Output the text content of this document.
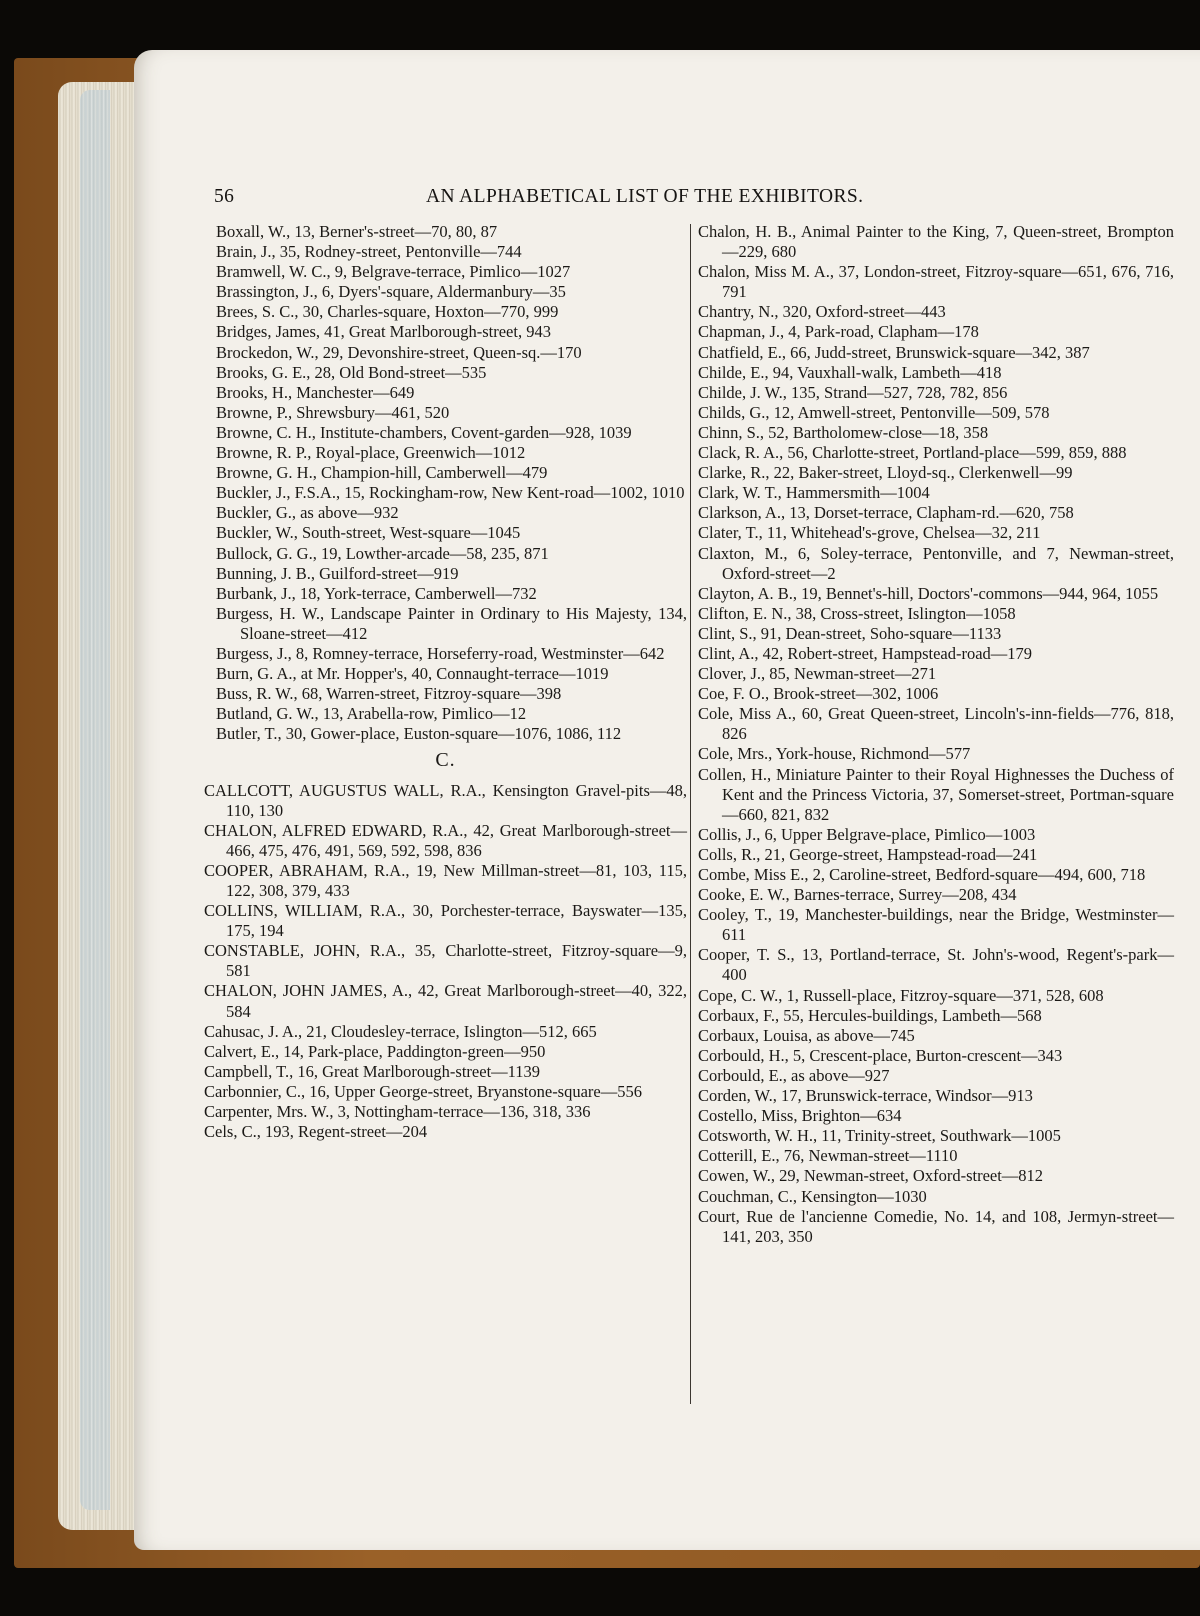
56	AN ALPHABETICAL LIST OF THE EXHIBITORS.
Boxall, W., 13, Berner's-street—70, 80, 87
Brain, J., 35, Rodney-street, Pentonville—744
Bramwell, W. C., 9, Belgrave-terrace, Pimlico—1027
Brassington, J., 6, Dyers'-square, Aldermanbury—35
Brees, S. C., 30, Charles-square, Hoxton—770, 999
Bridges, James, 41, Great Marlborough-street, 943
Brockedon, W., 29, Devonshire-street, Queen-sq.—170
Brooks, G. E., 28, Old Bond-street—535
Brooks, H., Manchester—649
Browne, P., Shrewsbury—461, 520
Browne, C. H., Institute-chambers, Covent-garden—928, 1039
Browne, R. P., Royal-place, Greenwich—1012
Browne, G. H., Champion-hill, Camberwell—479
Buckler, J., F.S.A., 15, Rockingham-row, New Kent-road—1002, 1010
Buckler, G., as above—932
Buckler, W., South-street, West-square—1045
Bullock, G. G., 19, Lowther-arcade—58, 235, 871
Bunning, J. B., Guilford-street—919
Burbank, J., 18, York-terrace, Camberwell—732
Burgess, H. W., Landscape Painter in Ordinary to His Majesty, 134, Sloane-street—412
Burgess, J., 8, Romney-terrace, Horseferry-road, Westminster—642
Burn, G. A., at Mr. Hopper's, 40, Connaught-terrace—1019
Buss, R. W., 68, Warren-street, Fitzroy-square—398
Butland, G. W., 13, Arabella-row, Pimlico—12
Butler, T., 30, Gower-place, Euston-square—1076, 1086, 112
C.
CALLCOTT, AUGUSTUS WALL, R.A., Kensington Gravel-pits—48, 110, 130
CHALON, ALFRED EDWARD, R.A., 42, Great Marlborough-street—466, 475, 476, 491, 569, 592, 598, 836
COOPER, ABRAHAM, R.A., 19, New Millman-street—81, 103, 115, 122, 308, 379, 433
COLLINS, WILLIAM, R.A., 30, Porchester-terrace, Bayswater—135, 175, 194
CONSTABLE, JOHN, R.A., 35, Charlotte-street, Fitzroy-square—9, 581
CHALON, JOHN JAMES, A., 42, Great Marlborough-street—40, 322, 584
Cahusac, J. A., 21, Cloudesley-terrace, Islington—512, 665
Calvert, E., 14, Park-place, Paddington-green—950
Campbell, T., 16, Great Marlborough-street—1139
Carbonnier, C., 16, Upper George-street, Bryanstone-square—556
Carpenter, Mrs. W., 3, Nottingham-terrace—136, 318, 336
Cels, C., 193, Regent-street—204
Chalon, H. B., Animal Painter to the King, 7, Queen-street, Brompton—229, 680
Chalon, Miss M. A., 37, London-street, Fitzroy-square—651, 676, 716, 791
Chantry, N., 320, Oxford-street—443
Chapman, J., 4, Park-road, Clapham—178
Chatfield, E., 66, Judd-street, Brunswick-square—342, 387
Childe, E., 94, Vauxhall-walk, Lambeth—418
Childe, J. W., 135, Strand—527, 728, 782, 856
Childs, G., 12, Amwell-street, Pentonville—509, 578
Chinn, S., 52, Bartholomew-close—18, 358
Clack, R. A., 56, Charlotte-street, Portland-place—599, 859, 888
Clarke, R., 22, Baker-street, Lloyd-sq., Clerkenwell—99
Clark, W. T., Hammersmith—1004
Clarkson, A., 13, Dorset-terrace, Clapham-rd.—620, 758
Clater, T., 11, Whitehead's-grove, Chelsea—32, 211
Claxton, M., 6, Soley-terrace, Pentonville, and 7, Newman-street, Oxford-street—2
Clayton, A. B., 19, Bennet's-hill, Doctors'-commons—944, 964, 1055
Clifton, E. N., 38, Cross-street, Islington—1058
Clint, S., 91, Dean-street, Soho-square—1133
Clint, A., 42, Robert-street, Hampstead-road—179
Clover, J., 85, Newman-street—271
Coe, F. O., Brook-street—302, 1006
Cole, Miss A., 60, Great Queen-street, Lincoln's-inn-fields—776, 818, 826
Cole, Mrs., York-house, Richmond—577
Collen, H., Miniature Painter to their Royal Highnesses the Duchess of Kent and the Princess Victoria, 37, Somerset-street, Portman-square—660, 821, 832
Collis, J., 6, Upper Belgrave-place, Pimlico—1003
Colls, R., 21, George-street, Hampstead-road—241
Combe, Miss E., 2, Caroline-street, Bedford-square—494, 600, 718
Cooke, E. W., Barnes-terrace, Surrey—208, 434
Cooley, T., 19, Manchester-buildings, near the Bridge, Westminster—611
Cooper, T. S., 13, Portland-terrace, St. John's-wood, Regent's-park—400
Cope, C. W., 1, Russell-place, Fitzroy-square—371, 528, 608
Corbaux, F., 55, Hercules-buildings, Lambeth—568
Corbaux, Louisa, as above—745
Corbould, H., 5, Crescent-place, Burton-crescent—343
Corbould, E., as above—927
Corden, W., 17, Brunswick-terrace, Windsor—913
Costello, Miss, Brighton—634
Cotsworth, W. H., 11, Trinity-street, Southwark—1005
Cotterill, E., 76, Newman-street—1110
Cowen, W., 29, Newman-street, Oxford-street—812
Couchman, C., Kensington—1030
Court, Rue de l'ancienne Comedie, No. 14, and 108, Jermyn-street—141, 203, 350
